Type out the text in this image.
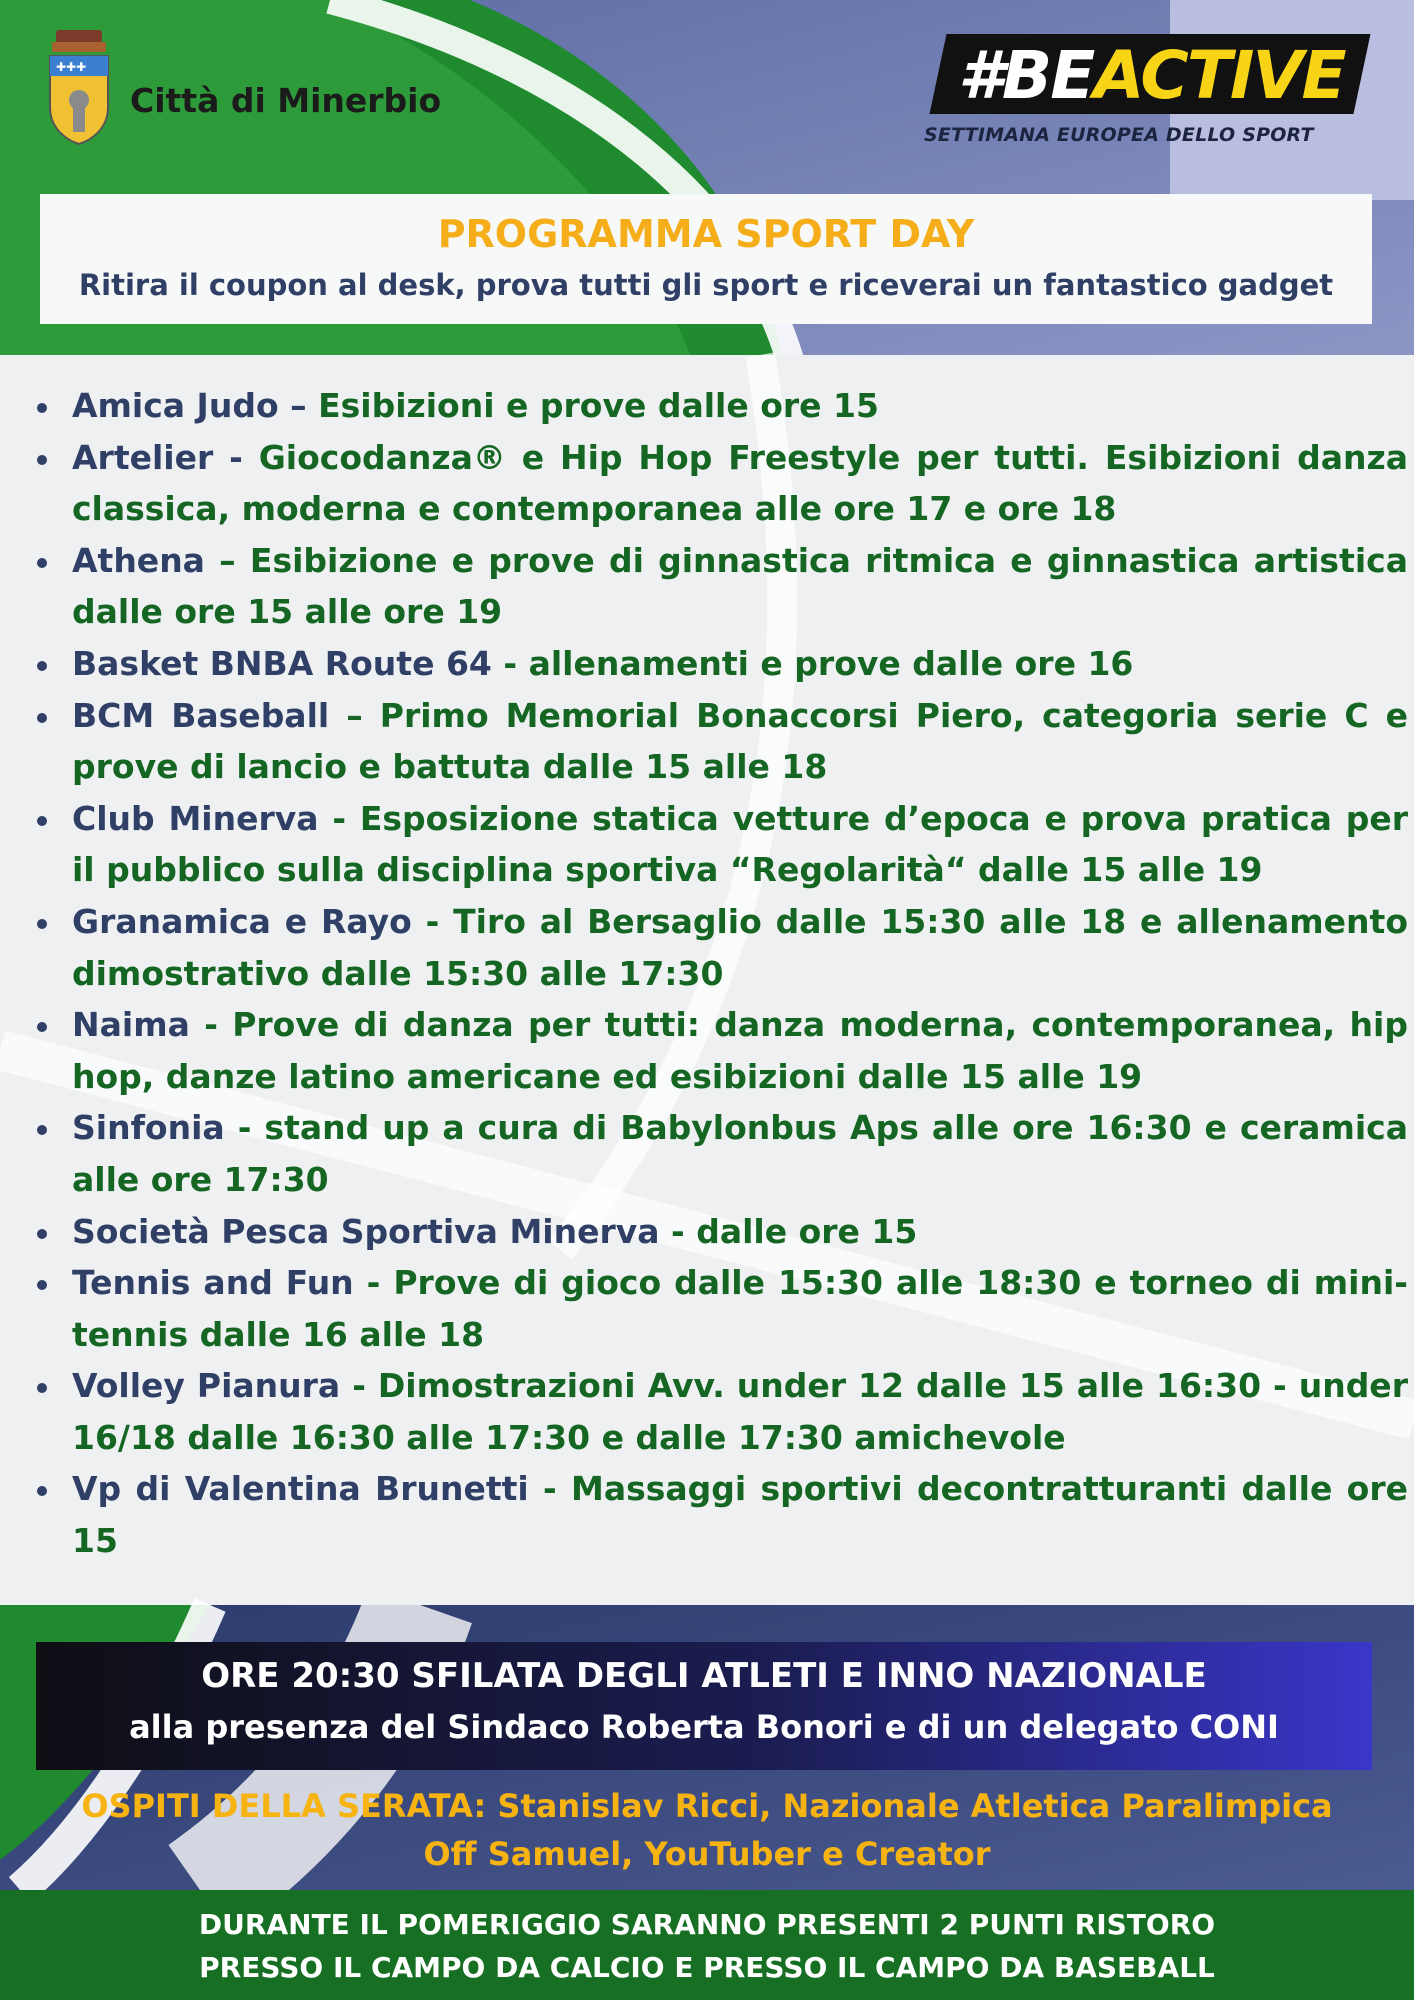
✚✚✚
Città di Minerbio	#BEACTIVE
SETTIMANA EUROPEA DELLO SPORT
PROGRAMMA SPORT DAY
Ritira il coupon al desk, prova tutti gli sport e riceverai un fantastico gadget
Amica Judo – Esibizioni e prove dalle ore 15
Artelier - Giocodanza® e Hip Hop Freestyle per tutti. Esibizioni danza classica, moderna e contemporanea alle ore 17 e ore 18
Athena – Esibizione e prove di ginnastica ritmica e ginnastica artistica dalle ore 15 alle ore 19
Basket BNBA Route 64 - allenamenti e prove dalle ore 16
BCM Baseball – Primo Memorial Bonaccorsi Piero, categoria serie C e prove di lancio e battuta dalle 15 alle 18
Club Minerva - Esposizione statica vetture d’epoca e prova pratica per il pubblico sulla disciplina sportiva “Regolarità“ dalle 15 alle 19
Granamica e Rayo - Tiro al Bersaglio dalle 15:30 alle 18 e allenamento dimostrativo dalle 15:30 alle 17:30
Naima - Prove di danza per tutti: danza moderna, contemporanea, hip hop, danze latino americane ed esibizioni dalle 15 alle 19
Sinfonia - stand up a cura di Babylonbus Aps alle ore 16:30 e ceramica alle ore 17:30
Società Pesca Sportiva Minerva - dalle ore 15
Tennis and Fun - Prove di gioco dalle 15:30 alle 18:30 e torneo di mini-tennis dalle 16 alle 18
Volley Pianura - Dimostrazioni Avv. under 12 dalle 15 alle 16:30 - under 16/18 dalle 16:30 alle 17:30 e dalle 17:30 amichevole
Vp di Valentina Brunetti - Massaggi sportivi decontratturanti dalle ore 15
ORE 20:30 SFILATA DEGLI ATLETI E INNO NAZIONALE
alla presenza del Sindaco Roberta Bonori e di un delegato CONI
OSPITI DELLA SERATA: Stanislav Ricci, Nazionale Atletica Paralimpica
Off Samuel, YouTuber e Creator
DURANTE IL POMERIGGIO SARANNO PRESENTI 2 PUNTI RISTORO
PRESSO IL CAMPO DA CALCIO E PRESSO IL CAMPO DA BASEBALL
